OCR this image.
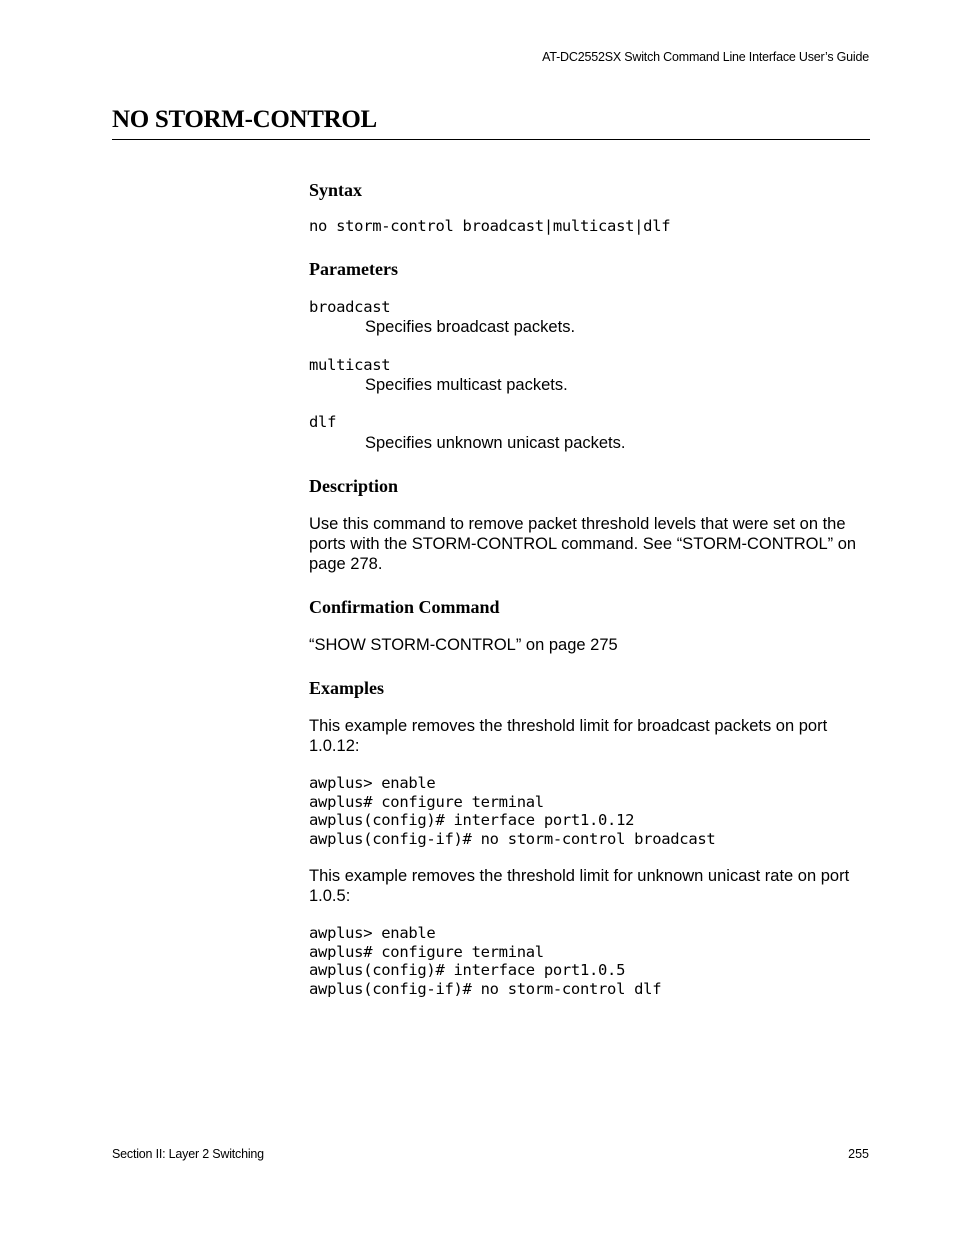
AT-DC2552SX Switch Command Line Interface User’s Guide
NO STORM-CONTROL
Syntax
no storm-control broadcast|multicast|dlf
Parameters
broadcast
Specifies broadcast packets.
multicast
Specifies multicast packets.
dlf
Specifies unknown unicast packets.
Description

Use this command to remove packet threshold levels that were set on the ports with the STORM-CONTROL command. See “STORM-CONTROL” on page 278.

Confirmation Command

“SHOW STORM-CONTROL” on page 275

Examples

This example removes the threshold limit for broadcast packets on port 1.0.12:

awplus> enable
awplus# configure terminal
awplus(config)# interface port1.0.12
awplus(config-if)# no storm-control broadcast

This example removes the threshold limit for unknown unicast rate on port 1.0.5:

awplus> enable
awplus# configure terminal
awplus(config)# interface port1.0.5
awplus(config-if)# no storm-control dlf
Section II: Layer 2 Switching	255
